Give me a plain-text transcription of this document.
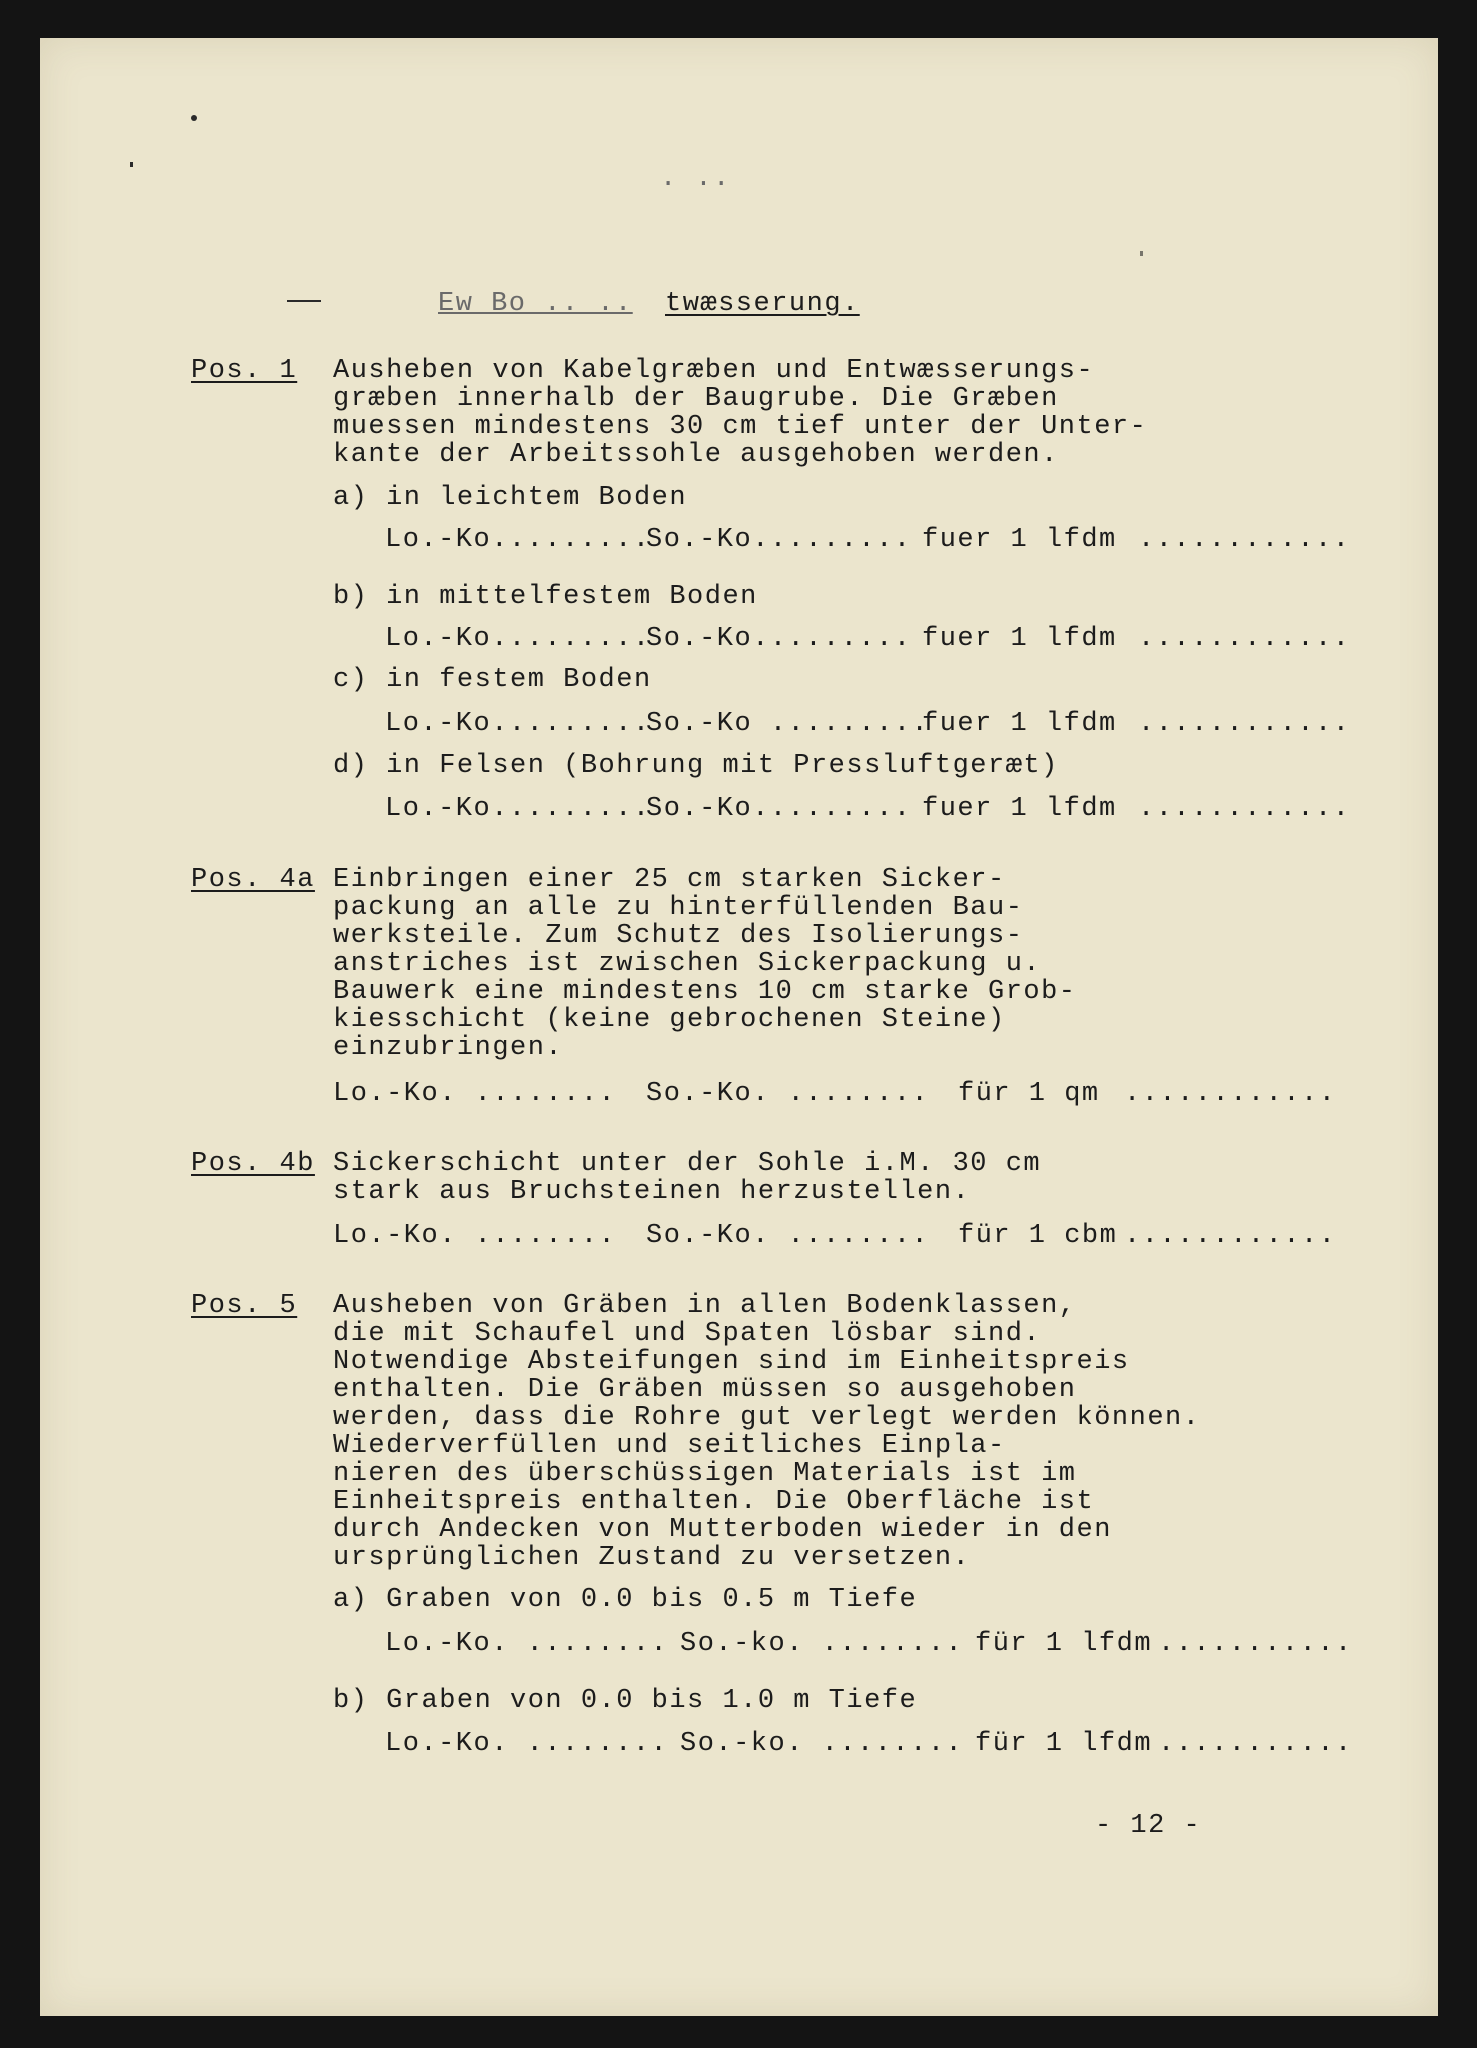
. ..
Ew Bo .. .. twæsserung.
Pos. 1 Ausheben von Kabelgræben und Entwæsserungs-
græben innerhalb der Baugrube. Die Græben
muessen mindestens 30 cm tief unter der Unter-
kante der Arbeitssohle ausgehoben werden.
a) in leichtem Boden
Lo.-Ko.........
So.-Ko......... fuer 1 lfdm ............
b) in mittelfestem Boden
Lo.-Ko.........
So.-Ko......... fuer 1 lfdm ............
c) in festem Boden
Lo.-Ko.........
So.-Ko .........
fuer 1 lfdm ............
d) in Felsen (Bohrung mit Pressluftgeræt)
Lo.-Ko.........
So.-Ko......... fuer 1 lfdm ............
Pos. 4a Einbringen einer 25 cm starken Sicker-
packung an alle zu hinterfüllenden Bau-
werksteile. Zum Schutz des Isolierungs-
anstriches ist zwischen Sickerpackung u.
Bauwerk eine mindestens 10 cm starke Grob-
kiesschicht (keine gebrochenen Steine)
einzubringen.
Lo.-Ko. ........ So.-Ko. ........ für 1 qm ............
Pos. 4b Sickerschicht unter der Sohle i.M. 30 cm
stark aus Bruchsteinen herzustellen.
Lo.-Ko. ........ So.-Ko. ........ für 1 cbm ............
Pos. 5 Ausheben von Gräben in allen Bodenklassen,
die mit Schaufel und Spaten lösbar sind.
Notwendige Absteifungen sind im Einheitspreis
enthalten. Die Gräben müssen so ausgehoben
werden, dass die Rohre gut verlegt werden können.
Wiederverfüllen und seitliches Einpla-
nieren des überschüssigen Materials ist im
Einheitspreis enthalten. Die Oberfläche ist
durch Andecken von Mutterboden wieder in den
ursprünglichen Zustand zu versetzen.
a) Graben von 0.0 bis 0.5 m Tiefe
Lo.-Ko. ........ So.-ko. ........ für 1 lfdm ...........
b) Graben von 0.0 bis 1.0 m Tiefe
Lo.-Ko. ........ So.-ko. ........ für 1 lfdm ...........
- 12 -
